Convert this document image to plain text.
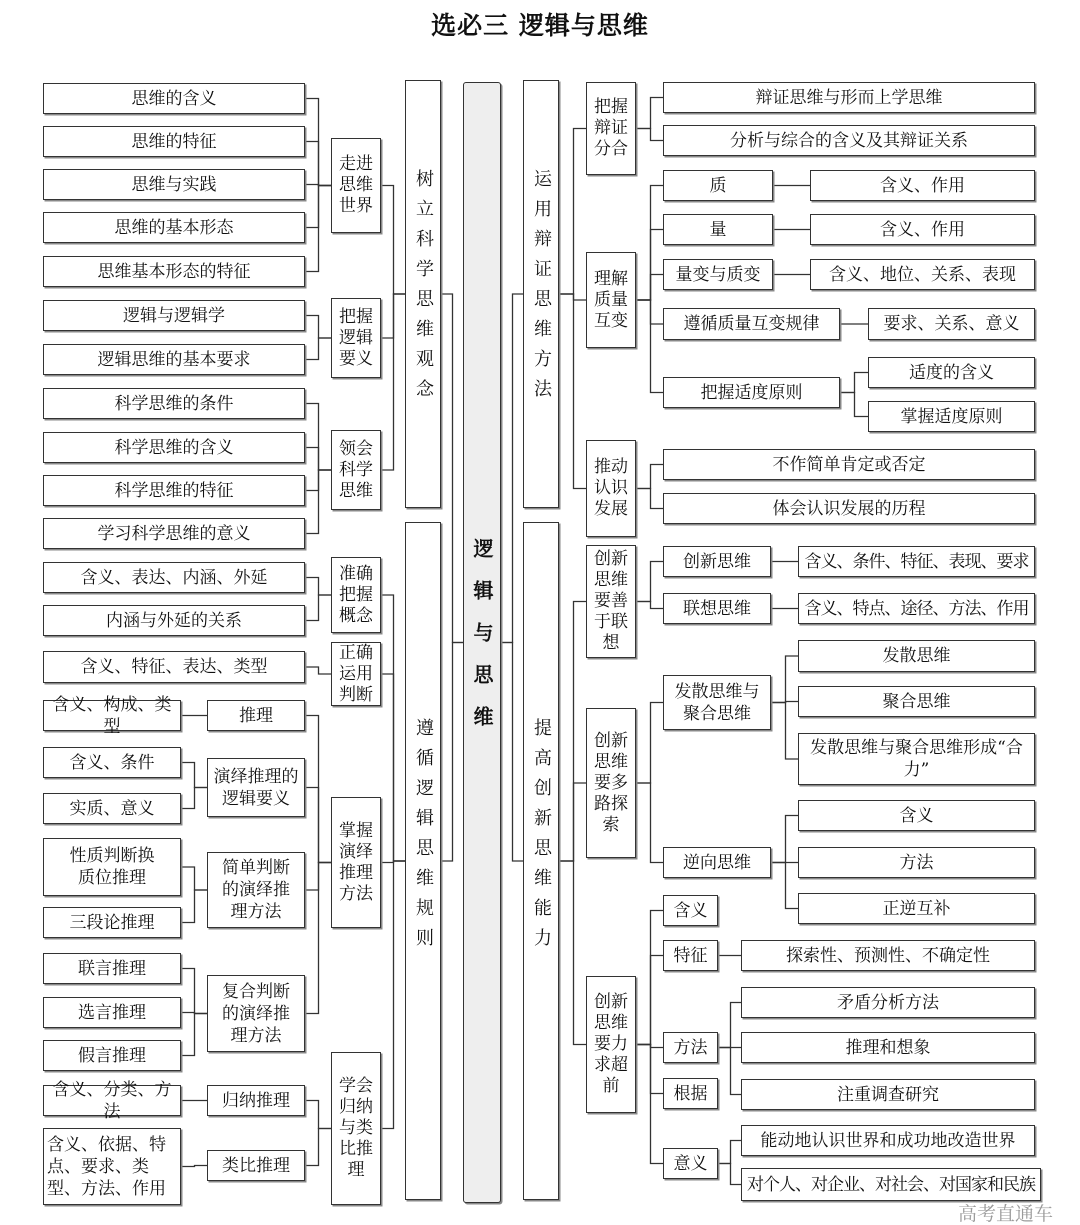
选必三 逻辑与思维
逻辑与思维
树立科学思维观念
遵循逻辑思维规则
运用辩证思维方法
提高创新思维能力
走进思维世界
把握逻辑要义
领会科学思维
准确把握概念
正确运用判断
掌握演绎推理方法
学会归纳与类比推理
思维的含义
思维的特征
思维与实践
思维的基本形态
思维基本形态的特征
逻辑与逻辑学
逻辑思维的基本要求
科学思维的条件
科学思维的含义
科学思维的特征
学习科学思维的意义
含义、表达、内涵、外延
内涵与外延的关系
含义、特征、表达、类型
推理
演绎推理的逻辑要义
简单判断的演绎推理方法
复合判断的演绎推理方法
归纳推理
类比推理
含义、构成、类型
含义、条件
实质、意义
性质判断换质位推理
三段论推理
联言推理
选言推理
假言推理
含义、分类、方法
含义、依据、特点、要求、类型、方法、作用
把握辩证分合
理解质量互变
推动认识发展
创新思维要善于联想
创新思维要多路探索
创新思维要力求超前
辩证思维与形而上学思维
分析与综合的含义及其辩证关系
质	含义、作用
量	含义、作用
量变与质变	含义、地位、关系、表现
遵循质量互变规律	要求、关系、意义
把握适度原则
适度的含义
掌握适度原则
不作简单肯定或否定
体会认识发展的历程
创新思维	含义、条件、特征、表现、要求
联想思维	含义、特点、途径、方法、作用
发散思维与聚合思维
发散思维
聚合思维
发散思维与聚合思维形成“合力”
逆向思维
含义
方法
正逆互补
含义
特征	探索性、预测性、不确定性
方法
矛盾分析方法
推理和想象
注重调查研究
根据
意义
能动地认识世界和成功地改造世界
对个人、对企业、对社会、对国家和民族
高考直通车
